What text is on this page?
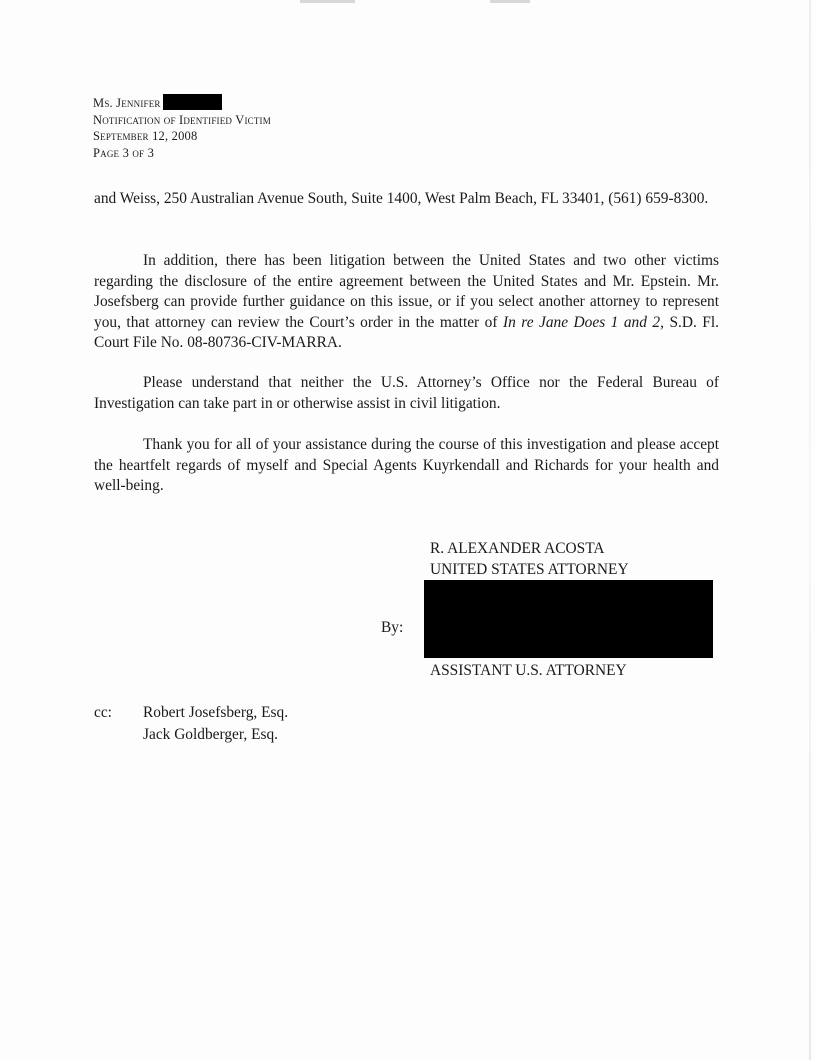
Ms. Jennifer
Notification of Identified Victim
September 12, 2008
Page 3 of 3

and Weiss, 250 Australian Avenue South, Suite 1400, West Palm Beach, FL 33401, (561) 659-8300.

In addition, there has been litigation between the United States and two other victims regarding the disclosure of the entire agreement between the United States and Mr. Epstein. Mr. Josefsberg can provide further guidance on this issue, or if you select another attorney to represent you, that attorney can review the Court’s order in the matter of In re Jane Does 1 and 2, S.D. Fl. Court File No. 08-80736-CIV-MARRA.

Please understand that neither the U.S. Attorney’s Office nor the Federal Bureau of Investigation can take part in or otherwise assist in civil litigation.

Thank you for all of your assistance during the course of this investigation and please accept the heartfelt regards of myself and Special Agents Kuyrkendall and Richards for your health and well-being.

R. ALEXANDER ACOSTA
UNITED STATES ATTORNEY
By:
ASSISTANT U.S. ATTORNEY
cc: Robert Josefsberg, Esq.
Jack Goldberger, Esq.
